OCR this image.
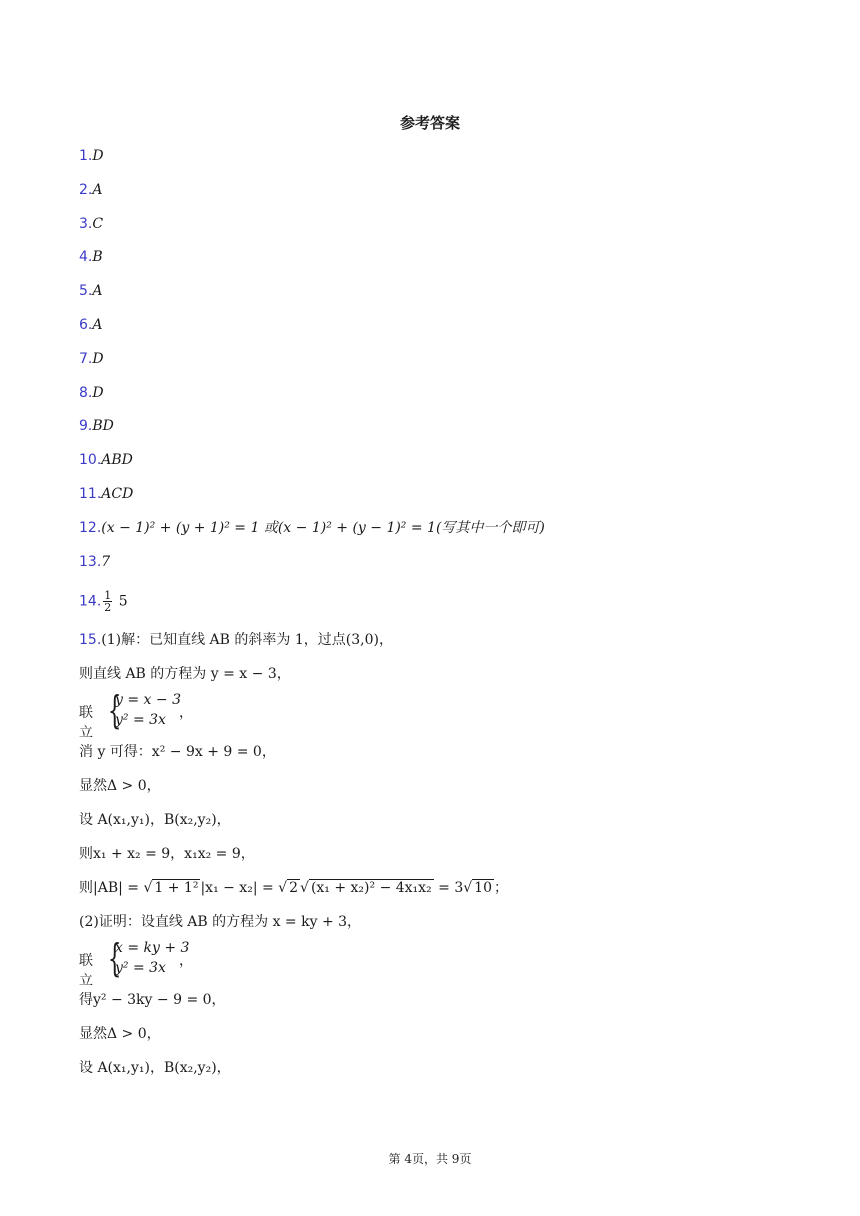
参考答案
1.D
2.A
3.C
4.B
5.A
6.A
7.D
8.D
9.BD
10.ABD
11.ACD
12.(x − 1)² + (y + 1)² = 1 或(x − 1)² + (y − 1)² = 1(写其中一个即可)
13.7
14. $\frac{1}{2} 5$
15.(1)解：已知直线 AB 的斜率为 1，过点(3,0)，
则直线 AB 的方程为 y = x − 3，
联立
{
y = x − 3
y² = 3x ，
消 y 可得：x² − 9x + 9 = 0，
显然Δ > 0，
设 A(x₁,y₁)，B(x₂,y₂)，
则x₁ + x₂ = 9，x₁x₂ = 9，
则|AB| = √ 1 + 1² |x₁ − x₂| = √ 2 √ (x₁ + x₂)² − 4x₁x₂ = 3√ 10 ；
(2)证明：设直线 AB 的方程为 x = ky + 3，
联立
{
x = ky + 3
y² = 3x ，
得y² − 3ky − 9 = 0，
显然Δ > 0，
设 A(x₁,y₁)，B(x₂,y₂)，
第 4页，共 9页
